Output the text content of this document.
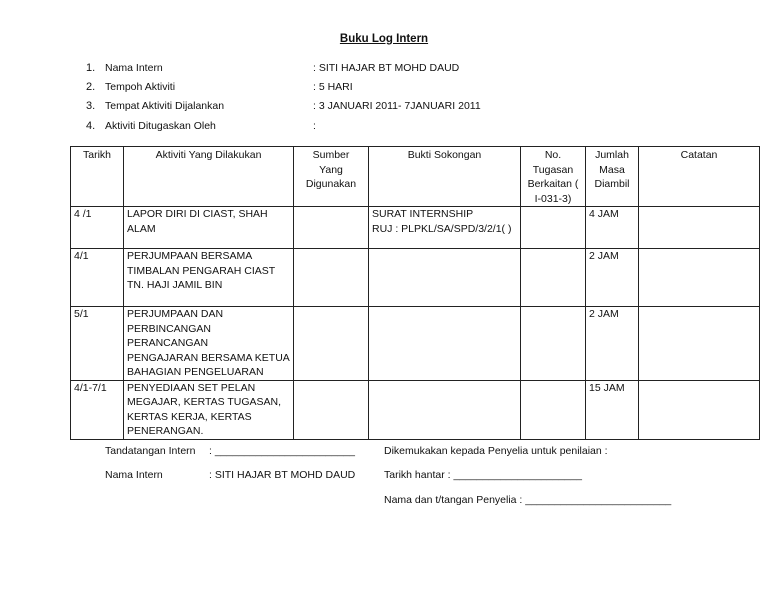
Buku Log Intern
1. Nama Intern	: SITI HAJAR BT MOHD DAUD
2. Tempoh Aktiviti	: 5 HARI
3. Tempat Aktiviti Dijalankan	: 3 JANUARI 2011- 7JANUARI 2011
4. Aktiviti Ditugaskan Oleh	:
Tarikh	Aktiviti Yang Dilakukan	Sumber Yang Digunakan	Bukti Sokongan	No. Tugasan Berkaitan ( I-031-3)	Jumlah Masa Diambil	Catatan
4 /1	LAPOR DIRI DI CIAST, SHAH ALAM		SURAT INTERNSHIP
RUJ : PLPKL/SA/SPD/3/2/1( )		4 JAM	
4/1	PERJUMPAAN BERSAMA
TIMBALAN PENGARAH CIAST
TN. HAJI JAMIL BIN				2 JAM	
5/1	PERJUMPAAN DAN
PERBINCANGAN PERANCANGAN
PENGAJARAN BERSAMA KETUA
BAHAGIAN PENGELUARAN				2 JAM	
4/1-7/1	PENYEDIAAN SET PELAN
MEGAJAR, KERTAS TUGASAN,
KERTAS KERJA, KERTAS
PENERANGAN.				15 JAM	
Tandatangan Intern : ________________________
Nama Intern	: SITI HAJAR BT MOHD DAUD
Dikemukakan kepada Penyelia untuk penilaian :
Tarikh hantar : ______________________
Nama dan t/tangan Penyelia : _________________________
